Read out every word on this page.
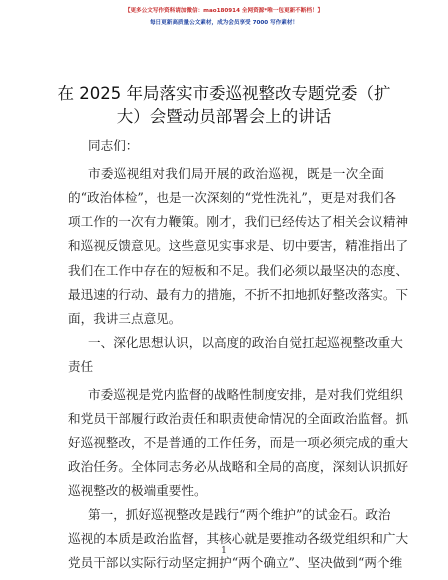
【更多公文写作资料请加微信：mao180914 全网资源*唯一包更新不断档！】
每日更新高质量公文素材，成为会员享受 7000 写作素材！
在 2025 年局落实市委巡视整改专题党委（扩
大）会暨动员部署会上的讲话
同志们：
市委巡视组对我们局开展的政治巡视，既是一次全面
的“政治体检”，也是一次深刻的“党性洗礼”，更是对我们各
项工作的一次有力鞭策。刚才，我们已经传达了相关会议精神
和巡视反馈意见。这些意见实事求是、切中要害，精准指出了
我们在工作中存在的短板和不足。我们必须以最坚决的态度、
最迅速的行动、最有力的措施，不折不扣地抓好整改落实。下
面，我讲三点意见。
一、深化思想认识，以高度的政治自觉扛起巡视整改重大
责任
市委巡视是党内监督的战略性制度安排，是对我们党组织
和党员干部履行政治责任和职责使命情况的全面政治监督。抓
好巡视整改，不是普通的工作任务，而是一项必须完成的重大
政治任务。全体同志务必从战略和全局的高度，深刻认识抓好
巡视整改的极端重要性。
第一，抓好巡视整改是践行“两个维护”的试金石。政治
巡视的本质是政治监督，其核心就是要推动各级党组织和广大
党员干部以实际行动坚定拥护“两个确立”、坚决做到“两个维
1
